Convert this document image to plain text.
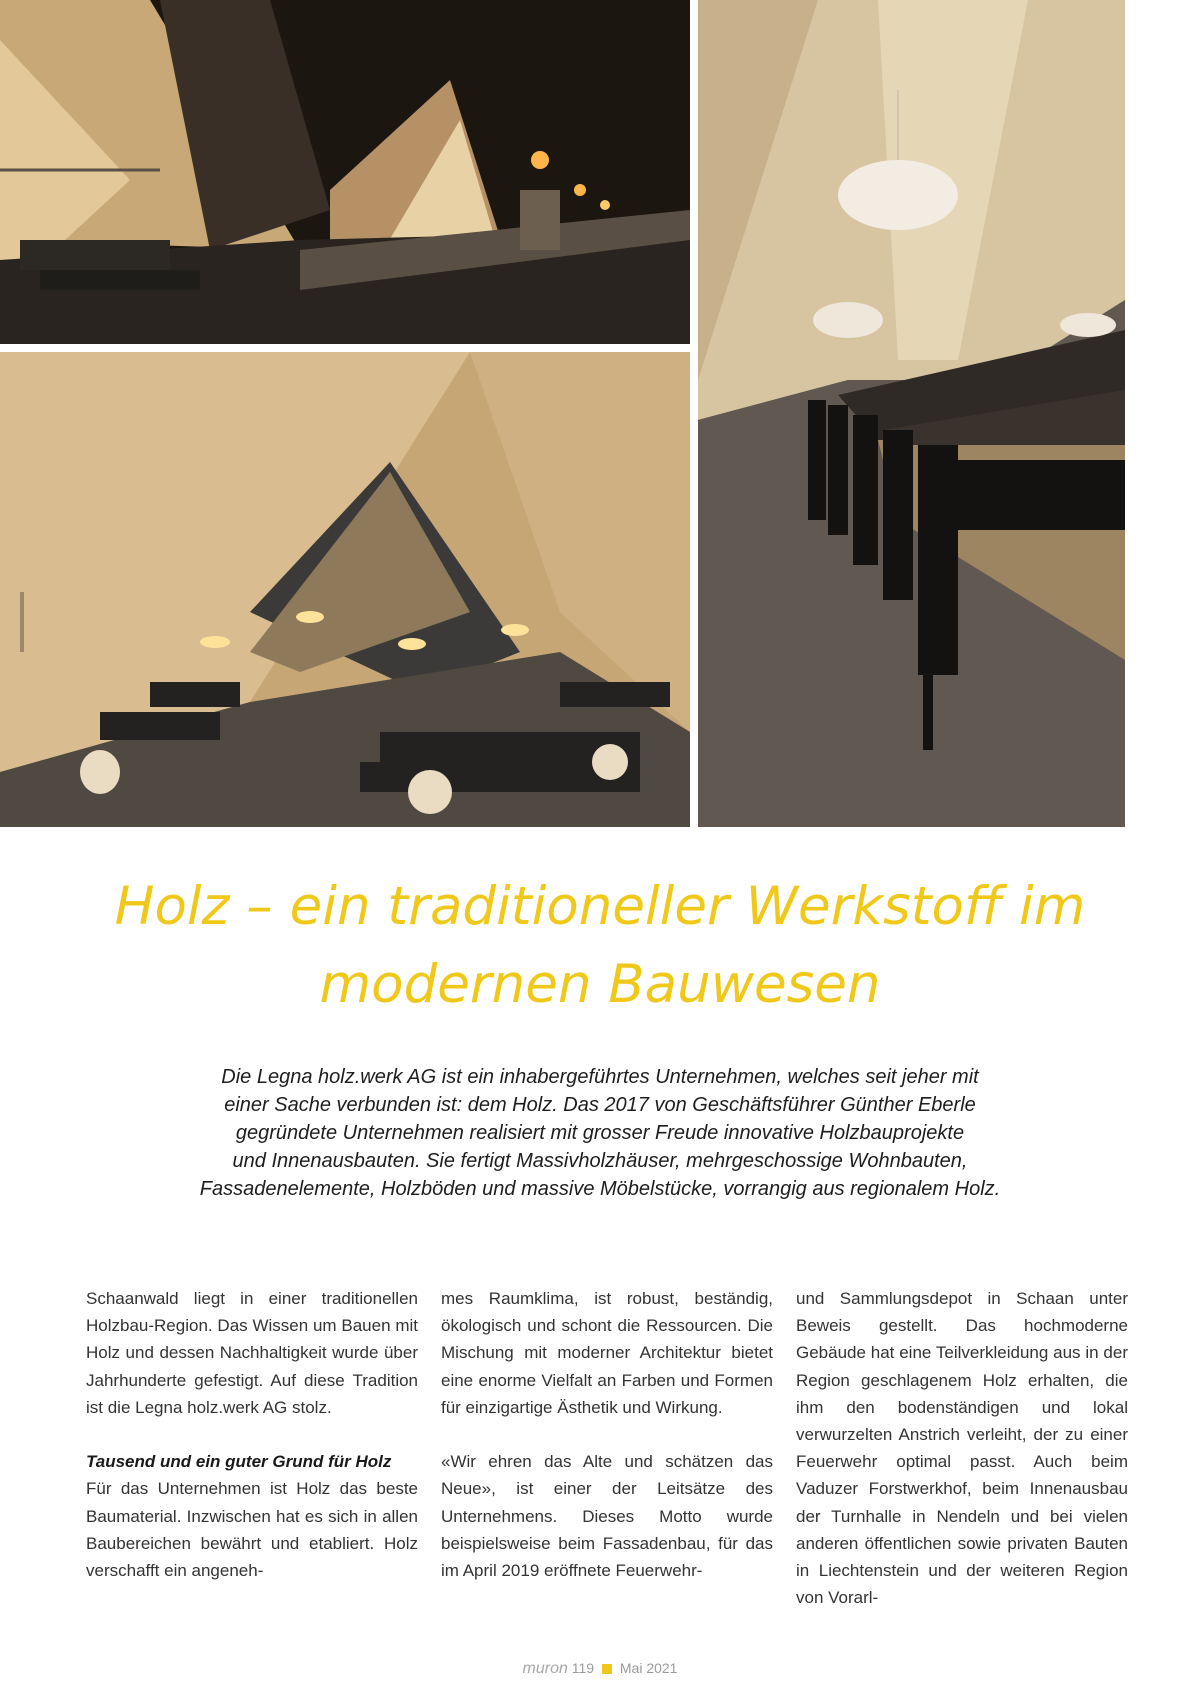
Holz – ein traditioneller Werkstoff im
modernen Bauwesen

Die Legna holz.werk AG ist ein inhabergeführtes Unternehmen, welches seit jeher mit
einer Sache verbunden ist: dem Holz. Das 2017 von Geschäftsführer Günther Eberle
gegründete Unternehmen realisiert mit grosser Freude innovative Holzbauprojekte
und Innenausbauten. Sie fertigt Massivholzhäuser, mehrgeschossige Wohnbauten,
Fassadenelemente, Holzböden und massive Möbelstücke, vorrangig aus regionalem Holz.

Schaanwald liegt in einer traditionellen Holzbau-Region. Das Wissen um Bauen mit Holz und dessen Nachhaltigkeit wurde über Jahrhunderte gefestigt. Auf diese Tradition ist die Legna holz.werk AG stolz.

Tausend und ein guter Grund für Holz

Für das Unternehmen ist Holz das beste Baumaterial. Inzwischen hat es sich in allen Baubereichen bewährt und etabliert. Holz verschafft ein angeneh-

mes Raumklima, ist robust, beständig, ökologisch und schont die Ressourcen. Die Mischung mit moderner Architektur bietet eine enorme Vielfalt an Farben und Formen für einzigartige Ästhetik und Wirkung.

«Wir ehren das Alte und schätzen das Neue», ist einer der Leitsätze des Unternehmens. Dieses Motto wurde beispielsweise beim Fassadenbau, für das im April 2019 eröffnete Feuerwehr-

und Sammlungsdepot in Schaan unter Beweis gestellt. Das hochmoderne Gebäude hat eine Teilverkleidung aus in der Region geschlagenem Holz erhalten, die ihm den bodenständigen und lokal verwurzelten Anstrich verleiht, der zu einer Feuerwehr optimal passt. Auch beim Vaduzer Forstwerkhof, beim Innenausbau der Turnhalle in Nendeln und bei vielen anderen öffentlichen sowie privaten Bauten in Liechtenstein und der weiteren Region von Vorarl-

muron 119 Mai 2021
